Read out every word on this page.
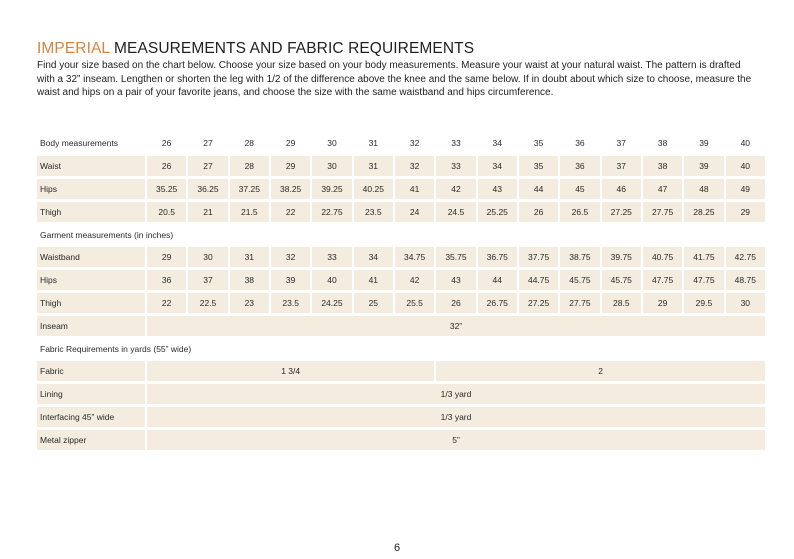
IMPERIAL MEASUREMENTS AND FABRIC REQUIREMENTS

Find your size based on the chart below. Choose your size based on your body measurements. Measure your waist at your natural waist. The pattern is drafted with a 32” inseam. Lengthen or shorten the leg with 1/2 of the difference above the knee and the same below. If in doubt about which size to choose, measure the waist and hips on a pair of your favorite jeans, and choose the size with the same waistband and hips circumference.

Body measurements	26	27	28	29	30	31	32	33	34	35	36	37	38	39	40
Waist	26	27	28	29	30	31	32	33	34	35	36	37	38	39	40
Hips	35.25	36.25	37.25	38.25	39.25	40.25	41	42	43	44	45	46	47	48	49
Thigh	20.5	21	21.5	22	22.75	23.5	24	24.5	25.25	26	26.5	27.25	27.75	28.25	29
Garment measurements (in inches)															
Waistband	29	30	31	32	33	34	34.75	35.75	36.75	37.75	38.75	39.75	40.75	41.75	42.75
Hips	36	37	38	39	40	41	42	43	44	44.75	45.75	45.75	47.75	47.75	48.75
Thigh	22	22.5	23	23.5	24.25	25	25.5	26	26.75	27.25	27.75	28.5	29	29.5	30
Inseam	32”														
Fabric Requirements in yards (55” wide)															
Fabric	1 3/4							2							
Lining	1/3 yard														
Interfacing 45” wide	1/3 yard														
Metal zipper	5”														
6
